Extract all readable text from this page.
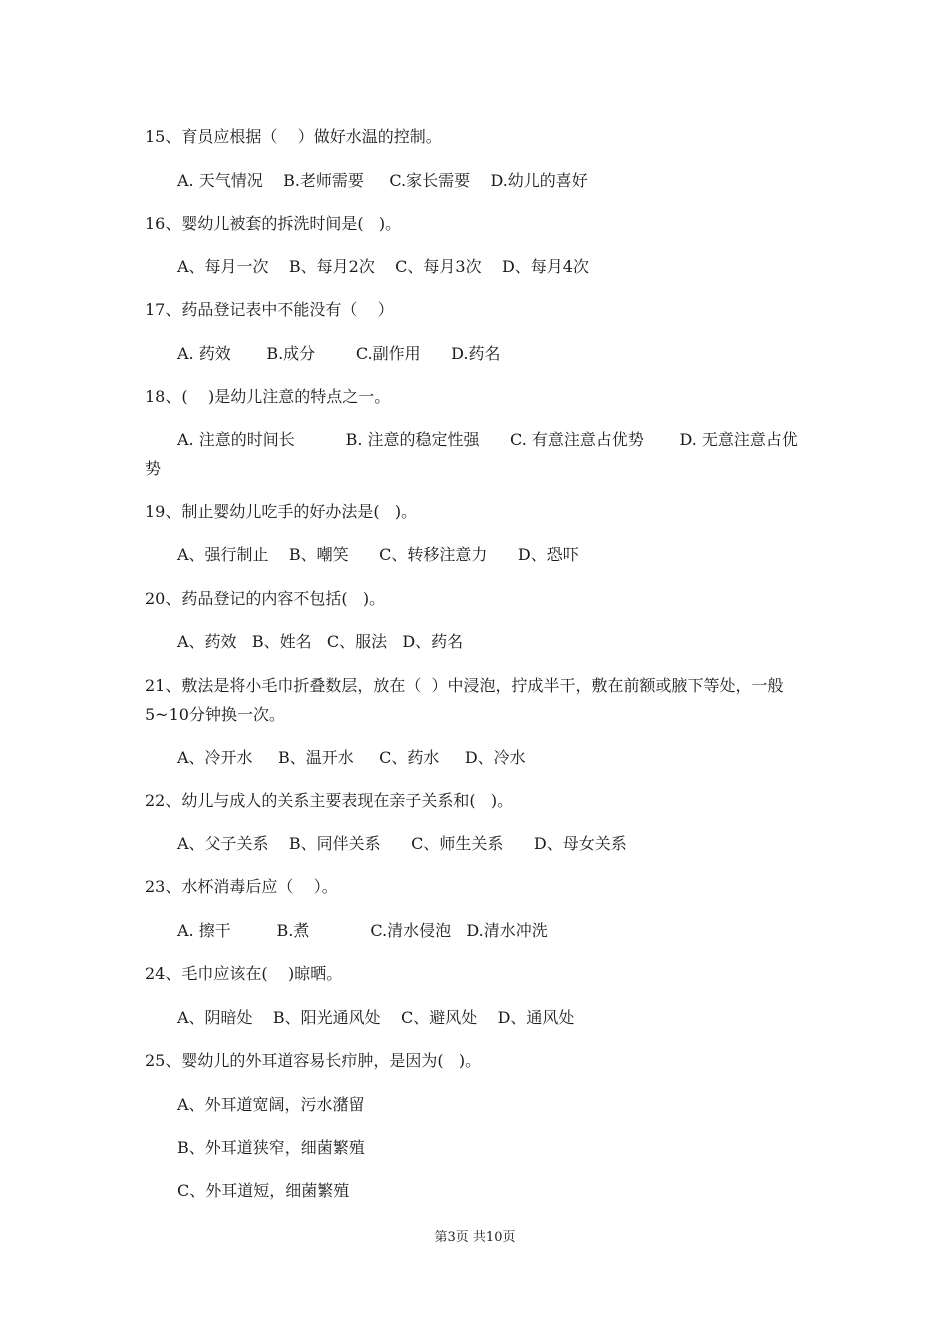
15、育员应根据（    ）做好水温的控制。
A. 天气情况    B.老师需要     C.家长需要    D.幼儿的喜好
16、婴幼儿被套的拆洗时间是(   )。
A、每月一次    B、每月2次    C、每月3次    D、每月4次
17、药品登记表中不能没有（    ）
A. 药效       B.成分        C.副作用      D.药名
18、(    )是幼儿注意的特点之一。
A. 注意的时间长          B. 注意的稳定性强      C. 有意注意占优势       D. 无意注意占优势
19、制止婴幼儿吃手的好办法是(   )。
A、强行制止    B、嘲笑      C、转移注意力      D、恐吓
20、药品登记的内容不包括(   )。
A、药效   B、姓名   C、服法   D、药名
21、敷法是将小毛巾折叠数层，放在（  ）中浸泡，拧成半干，敷在前额或腋下等处，一般5~10分钟换一次。
A、冷开水     B、温开水     C、药水     D、冷水
22、幼儿与成人的关系主要表现在亲子关系和(   )。
A、父子关系    B、同伴关系      C、师生关系      D、母女关系
23、水杯消毒后应（    ）。
A. 擦干         B.煮            C.清水侵泡   D.清水冲洗
24、毛巾应该在(    )晾晒。
A、阴暗处    B、阳光通风处    C、避风处    D、通风处
25、婴幼儿的外耳道容易长疖肿，是因为(   )。
A、外耳道宽阔，污水潴留
B、外耳道狭窄，细菌繁殖
C、外耳道短，细菌繁殖
第3页 共10页
